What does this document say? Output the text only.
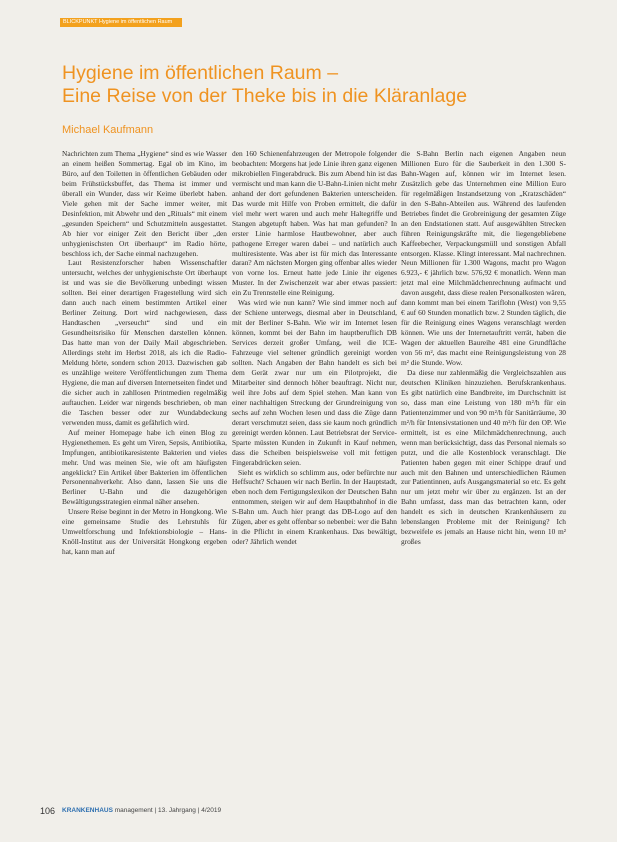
BLICKPUNKT Hygiene im öffentlichen Raum
Hygiene im öffentlichen Raum –
Eine Reise von der Theke bis in die Kläranlage
Michael Kaufmann

Nachrichten zum Thema „Hygiene“ sind es wie Wasser an einem heißen Sommertag. Egal ob im Kino, im Büro, auf den Toiletten in öffentlichen Gebäuden oder beim Frühstücksbuffet, das Thema ist immer und überall ein Wunder, dass wir Keime überlebt haben. Viele gehen mit der Sache immer weiter, mit Desinfektion, mit Abwehr und den „Rituals“ mit einem „gesunden Speichern“ und Schutzmitteln ausgestattet. Ab hier vor einiger Zeit den Bericht über „den unhygienischsten Ort überhaupt“ im Radio hörte, beschloss ich, der Sache einmal nachzugehen.

Laut Resistenzforscher haben Wissenschaftler untersucht, welches der unhygienischste Ort überhaupt ist und was sie die Bevölkerung unbedingt wissen sollten. Bei einer derartigen Fragestellung wird sich dann auch nach einem bestimmten Artikel einer Berliner Zeitung. Dort wird nachgewiesen, dass Handtaschen „verseucht“ sind und ein Gesundheitsrisiko für Menschen darstellen können. Das hatte man von der Daily Mail abgeschrieben. Allerdings steht im Herbst 2018, als ich die Radio-Meldung hörte, sondern schon 2013. Dazwischen gab es unzählige weitere Veröffentlichungen zum Thema Hygiene, die man auf diversen Internetseiten findet und die sicher auch in zahllosen Printmedien regelmäßig auftauchen. Leider war nirgends beschrieben, ob man die Taschen besser oder zur Wundabdeckung verwenden muss, damit es gefährlich wird.

Auf meiner Homepage habe ich einen Blog zu Hygienethemen. Es geht um Viren, Sepsis, Antibiotika, Impfungen, antibiotikaresistente Bakterien und vieles mehr. Und was meinen Sie, wie oft am häufigsten angeklickt? Ein Artikel über Bakterien im öffentlichen Personennahverkehr. Also dann, lassen Sie uns die Berliner U-Bahn und die dazugehörigen Bewältigungsstrategien einmal näher ansehen.

Unsere Reise beginnt in der Metro in Hongkong. Wie eine gemeinsame Studie des Lehrstuhls für Umweltforschung und Infektionsbiologie – Hans-Knöll-Institut aus der Universität Hongkong ergeben hat, kann man auf

den 160 Schienenfahrzeugen der Metropole folgender beobachten: Morgens hat jede Linie ihren ganz eigenen mikrobiellen Fingerabdruck. Bis zum Abend hin ist das vermischt und man kann die U-Bahn-Linien nicht mehr anhand der dort gefundenen Bakterien unterscheiden. Das wurde mit Hilfe von Proben ermittelt, die dafür viel mehr wert waren und auch mehr Haltegriffe und Stangen abgetupft haben. Was hat man gefunden? In erster Linie harmlose Hautbewohner, aber auch pathogene Erreger waren dabei – und natürlich auch multiresistente. Was aber ist für mich das Interessante daran? Am nächsten Morgen ging offenbar alles wieder von vorne los. Erneut hatte jede Linie ihr eigenes Muster. In der Zwischenzeit war aber etwas passiert: ein Zu Trennstelle eine Reinigung.

Was wird wie nun kann? Wie sind immer noch auf der Schiene unterwegs, diesmal aber in Deutschland, mit der Berliner S-Bahn. Wie wir im Internet lesen können, kommt bei der Bahn im hauptberuflich DB Services derzeit großer Umfang, weil die ICE-Fahrzeuge viel seltener gründlich gereinigt worden sollten. Nach Angaben der Bahn handelt es sich bei dem Gerät zwar nur um ein Pilotprojekt, die Mitarbeiter sind dennoch höher beauftragt. Nicht nur, weil ihre Jobs auf dem Spiel stehen. Man kann von einer nachhaltigen Streckung der Grundreinigung von sechs auf zehn Wochen lesen und dass die Züge dann derart verschmutzt seien, dass sie kaum noch gründlich gereinigt werden können. Laut Betriebsrat der Service-Sparte müssten Kunden in Zukunft in Kauf nehmen, dass die Scheiben beispielsweise voll mit fettigen Fingerabdrücken seien.

Sieht es wirklich so schlimm aus, oder befürchte nur Heffsucht? Schauen wir nach Berlin. In der Hauptstadt, eben noch dem Fertigungslexikon der Deutschen Bahn entnommen, steigen wir auf dem Hauptbahnhof in die S-Bahn um. Auch hier prangt das DB-Logo auf den Zügen, aber es geht offenbar so nebenbei: wer die Bahn in die Pflicht in einem Krankenhaus. Das bewältigt, oder? Jährlich wendet

die S-Bahn Berlin nach eigenen Angaben neun Millionen Euro für die Sauberkeit in den 1.300 S-Bahn-Wagen auf, können wir im Internet lesen. Zusätzlich gebe das Unternehmen eine Million Euro für regelmäßigen Instandsetzung von „Kratzschäden“ in den S-Bahn-Abteilen aus. Während des laufenden Betriebes findet die Grobreinigung der gesamten Züge an den Endstationen statt. Auf ausgewählten Strecken führen Reinigungskräfte mit, die liegengebliebene Kaffeebecher, Verpackungsmüll und sonstigen Abfall entsorgen. Klasse. Klingt interessant. Mal nachrechnen. Neun Millionen für 1.300 Wagons, macht pro Wagon 6.923,- € jährlich bzw. 576,92 € monatlich. Wenn man jetzt mal eine Milchmädchenrechnung aufmacht und davon ausgeht, dass diese realen Personalkosten wären, dann kommt man bei einem Tariflohn (West) von 9,55 € auf 60 Stunden monatlich bzw. 2 Stunden täglich, die für die Reinigung eines Wagens veranschlagt werden können. Wie uns der Internetauftritt verrät, haben die Wagen der aktuellen Baureihe 481 eine Grundfläche von 56 m², das macht eine Reinigungsleistung von 28 m² die Stunde. Wow.

Da diese nur zahlenmäßig die Vergleichszahlen aus deutschen Kliniken hinzuziehen. Berufskrankenhaus. Es gibt natürlich eine Bandbreite, im Durchschnitt ist so, dass man eine Leistung von 180 m²/h für ein Patientenzimmer und von 90 m²/h für Sanitärräume, 30 m²/h für Intensivstationen und 40 m²/h für den OP. Wie ermittelt, ist es eine Milchmädchenrechnung, auch wenn man berücksichtigt, dass das Personal niemals so putzt, und die alle Kostenblock veranschlagt. Die Patienten haben gegen mit einer Schippe drauf und auch mit den Bahnen und unterschiedlichen Räumen zur Patientinnen, aufs Ausgangsmaterial so etc. Es geht nur um jetzt mehr wir über zu ergänzen. Ist an der Bahn umfasst, dass man das betrachten kann, oder handelt es sich in deutschen Krankenhäusern zu lebenslangen Probleme mit der Reinigung? Ich bezweifele es jemals an Hause nicht hin, wenn 10 m² großes

106 KRANKENHAUS management | 13. Jahrgang | 4/2019
